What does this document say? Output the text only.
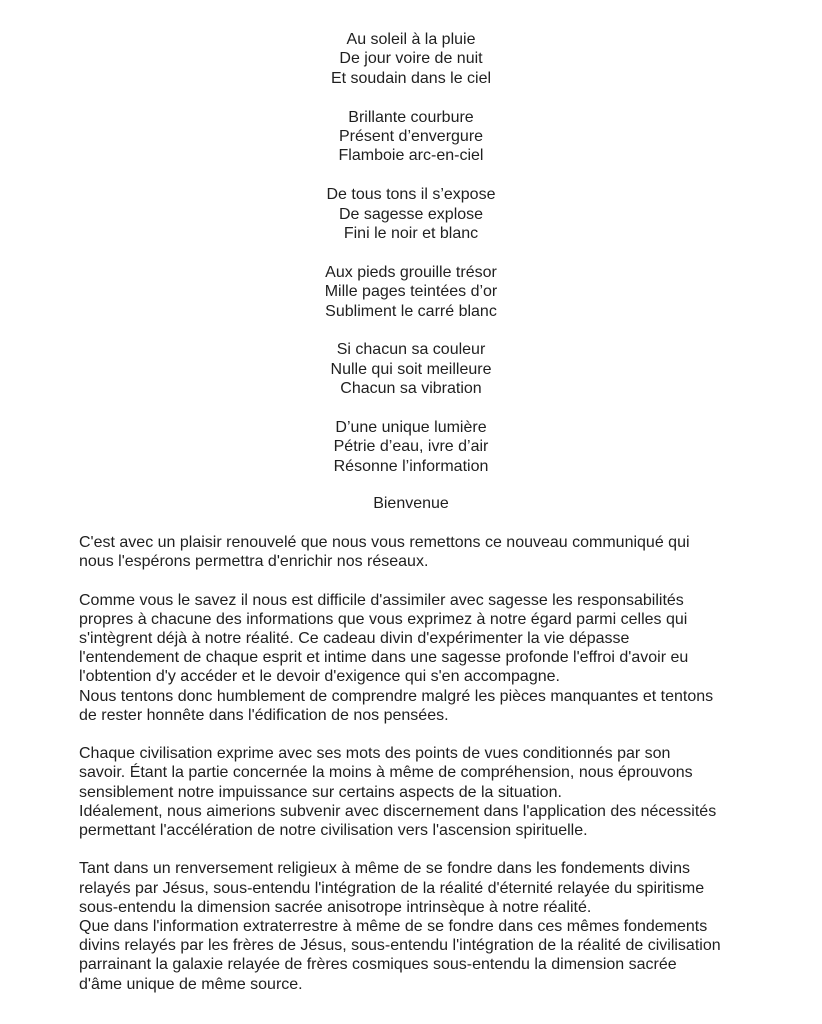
Au soleil à la pluie
De jour voire de nuit
Et soudain dans le ciel
Brillante courbure
Présent d’envergure
Flamboie arc-en-ciel
De tous tons il s’expose
De sagesse explose
Fini le noir et blanc
Aux pieds grouille trésor
Mille pages teintées d’or
Subliment le carré blanc
Si chacun sa couleur
Nulle qui soit meilleure
Chacun sa vibration
D’une unique lumière
Pétrie d’eau, ivre d’air
Résonne l’information
Bienvenue
C'est avec un plaisir renouvelé que nous vous remettons ce nouveau communiqué qui
nous l'espérons permettra d'enrichir nos réseaux.
Comme vous le savez il nous est difficile d'assimiler avec sagesse les responsabilités
propres à chacune des informations que vous exprimez à notre égard parmi celles qui
s'intègrent déjà à notre réalité. Ce cadeau divin d'expérimenter la vie dépasse
l'entendement de chaque esprit et intime dans une sagesse profonde l'effroi d'avoir eu
l'obtention d'y accéder et le devoir d'exigence qui s'en accompagne.
Nous tentons donc humblement de comprendre malgré les pièces manquantes et tentons
de rester honnête dans l'édification de nos pensées.
Chaque civilisation exprime avec ses mots des points de vues conditionnés par son
savoir. Étant la partie concernée la moins à même de compréhension, nous éprouvons
sensiblement notre impuissance sur certains aspects de la situation.
Idéalement, nous aimerions subvenir avec discernement dans l'application des nécessités
permettant l'accélération de notre civilisation vers l'ascension spirituelle.
Tant dans un renversement religieux à même de se fondre dans les fondements divins
relayés par Jésus, sous-entendu l'intégration de la réalité d'éternité relayée du spiritisme
sous-entendu la dimension sacrée anisotrope intrinsèque à notre réalité.
Que dans l'information extraterrestre à même de se fondre dans ces mêmes fondements
divins relayés par les frères de Jésus, sous-entendu l'intégration de la réalité de civilisation
parrainant la galaxie relayée de frères cosmiques sous-entendu la dimension sacrée
d'âme unique de même source.
